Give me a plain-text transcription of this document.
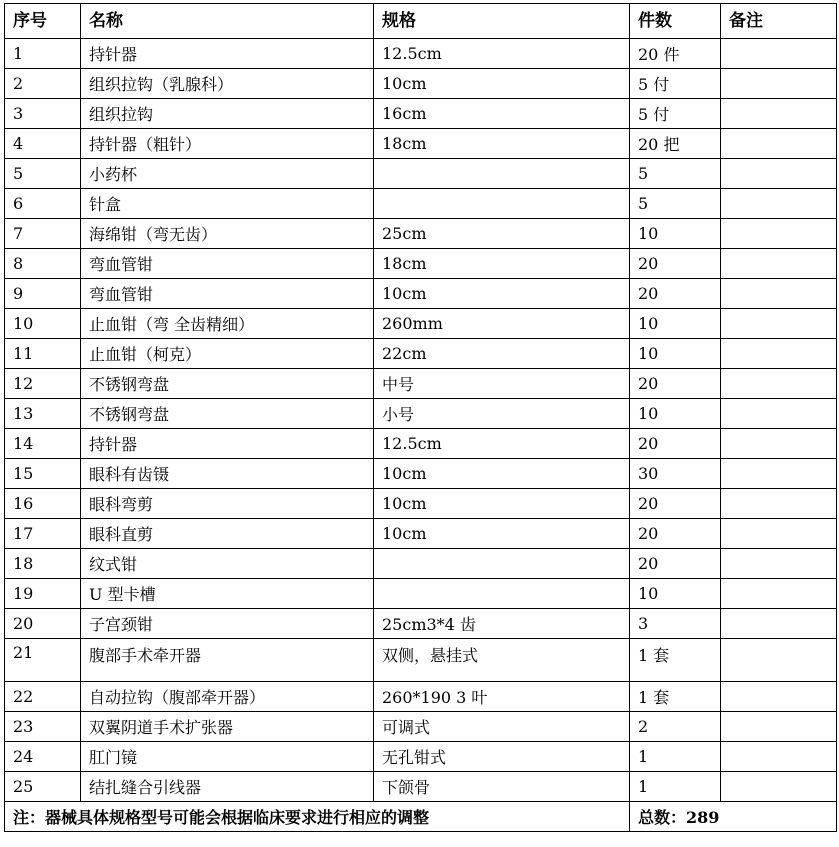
序号	名称	规格	件数	备注
1	持针器	12.5cm	20 件	
2	组织拉钩（乳腺科）	10cm	5 付	
3	组织拉钩	16cm	5 付	
4	持针器（粗针）	18cm	20 把	
5	小药杯		5	
6	针盒		5	
7	海绵钳（弯无齿）	25cm	10	
8	弯血管钳	18cm	20	
9	弯血管钳	10cm	20	
10	止血钳（弯 全齿精细）	260mm	10	
11	止血钳（柯克）	22cm	10	
12	不锈钢弯盘	中号	20	
13	不锈钢弯盘	小号	10	
14	持针器	12.5cm	20	
15	眼科有齿镊	10cm	30	
16	眼科弯剪	10cm	20	
17	眼科直剪	10cm	20	
18	纹式钳		20	
19	U 型卡槽		10	
20	子宫颈钳	25cm3*4 齿	3	
21	腹部手术牵开器	双侧，悬挂式	1 套	
22	自动拉钩（腹部牵开器）	260*190 3 叶	1 套	
23	双翼阴道手术扩张器	可调式	2	
24	肛门镜	无孔钳式	1	
25	结扎缝合引线器	下颌骨	1	
注：器械具体规格型号可能会根据临床要求进行相应的调整			总数：289	
